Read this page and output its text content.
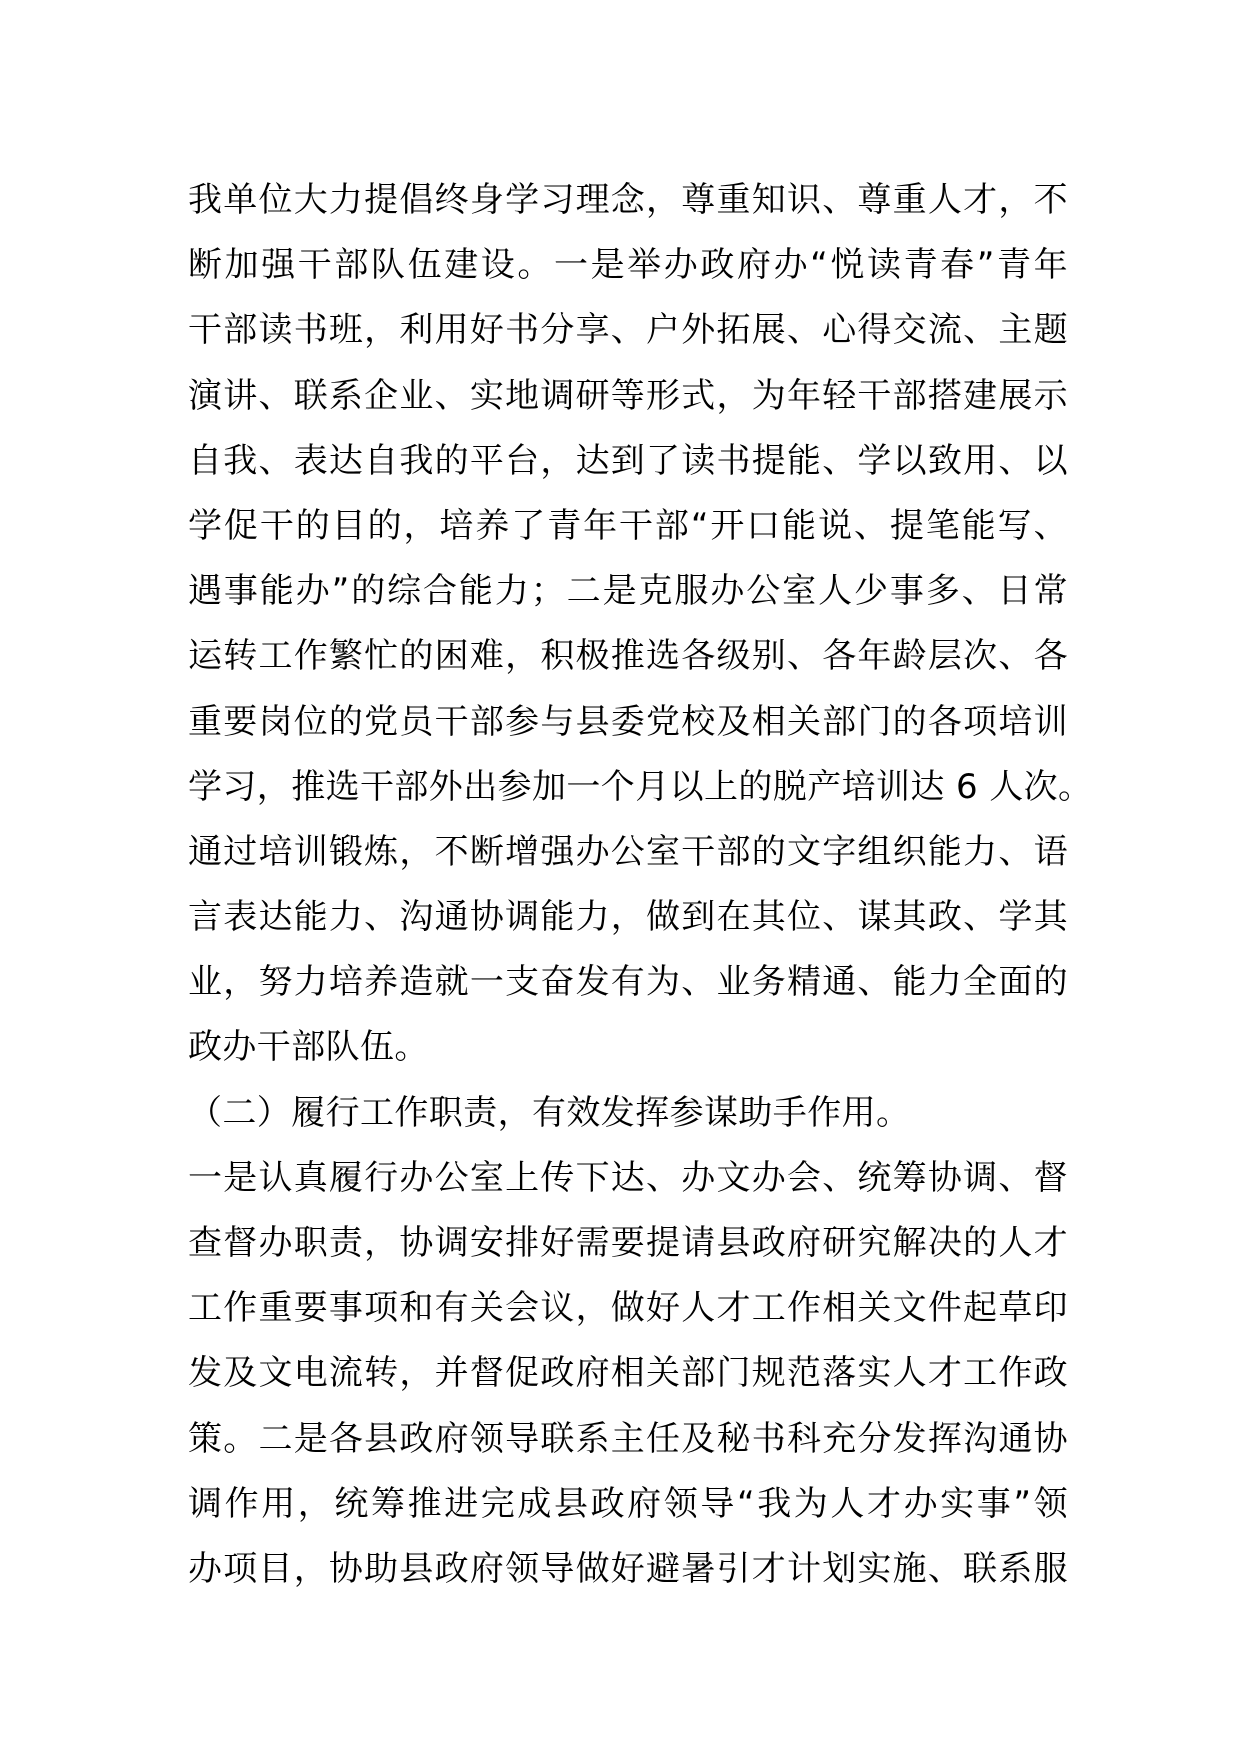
我单位大力提倡终身学习理念，尊重知识、尊重人才，不
断加强干部队伍建设。一是举办政府办“悦读青春”青年
干部读书班，利用好书分享、户外拓展、心得交流、主题
演讲、联系企业、实地调研等形式，为年轻干部搭建展示
自我、表达自我的平台，达到了读书提能、学以致用、以
学促干的目的，培养了青年干部“开口能说、提笔能写、
遇事能办”的综合能力；二是克服办公室人少事多、日常
运转工作繁忙的困难，积极推选各级别、各年龄层次、各
重要岗位的党员干部参与县委党校及相关部门的各项培训
学习，推选干部外出参加一个月以上的脱产培训达 6 人次。
通过培训锻炼，不断增强办公室干部的文字组织能力、语
言表达能力、沟通协调能力，做到在其位、谋其政、学其
业，努力培养造就一支奋发有为、业务精通、能力全面的
政办干部队伍。
（二）履行工作职责，有效发挥参谋助手作用。
一是认真履行办公室上传下达、办文办会、统筹协调、督
查督办职责，协调安排好需要提请县政府研究解决的人才
工作重要事项和有关会议，做好人才工作相关文件起草印
发及文电流转，并督促政府相关部门规范落实人才工作政
策。二是各县政府领导联系主任及秘书科充分发挥沟通协
调作用，统筹推进完成县政府领导“我为人才办实事”领
办项目，协助县政府领导做好避暑引才计划实施、联系服
